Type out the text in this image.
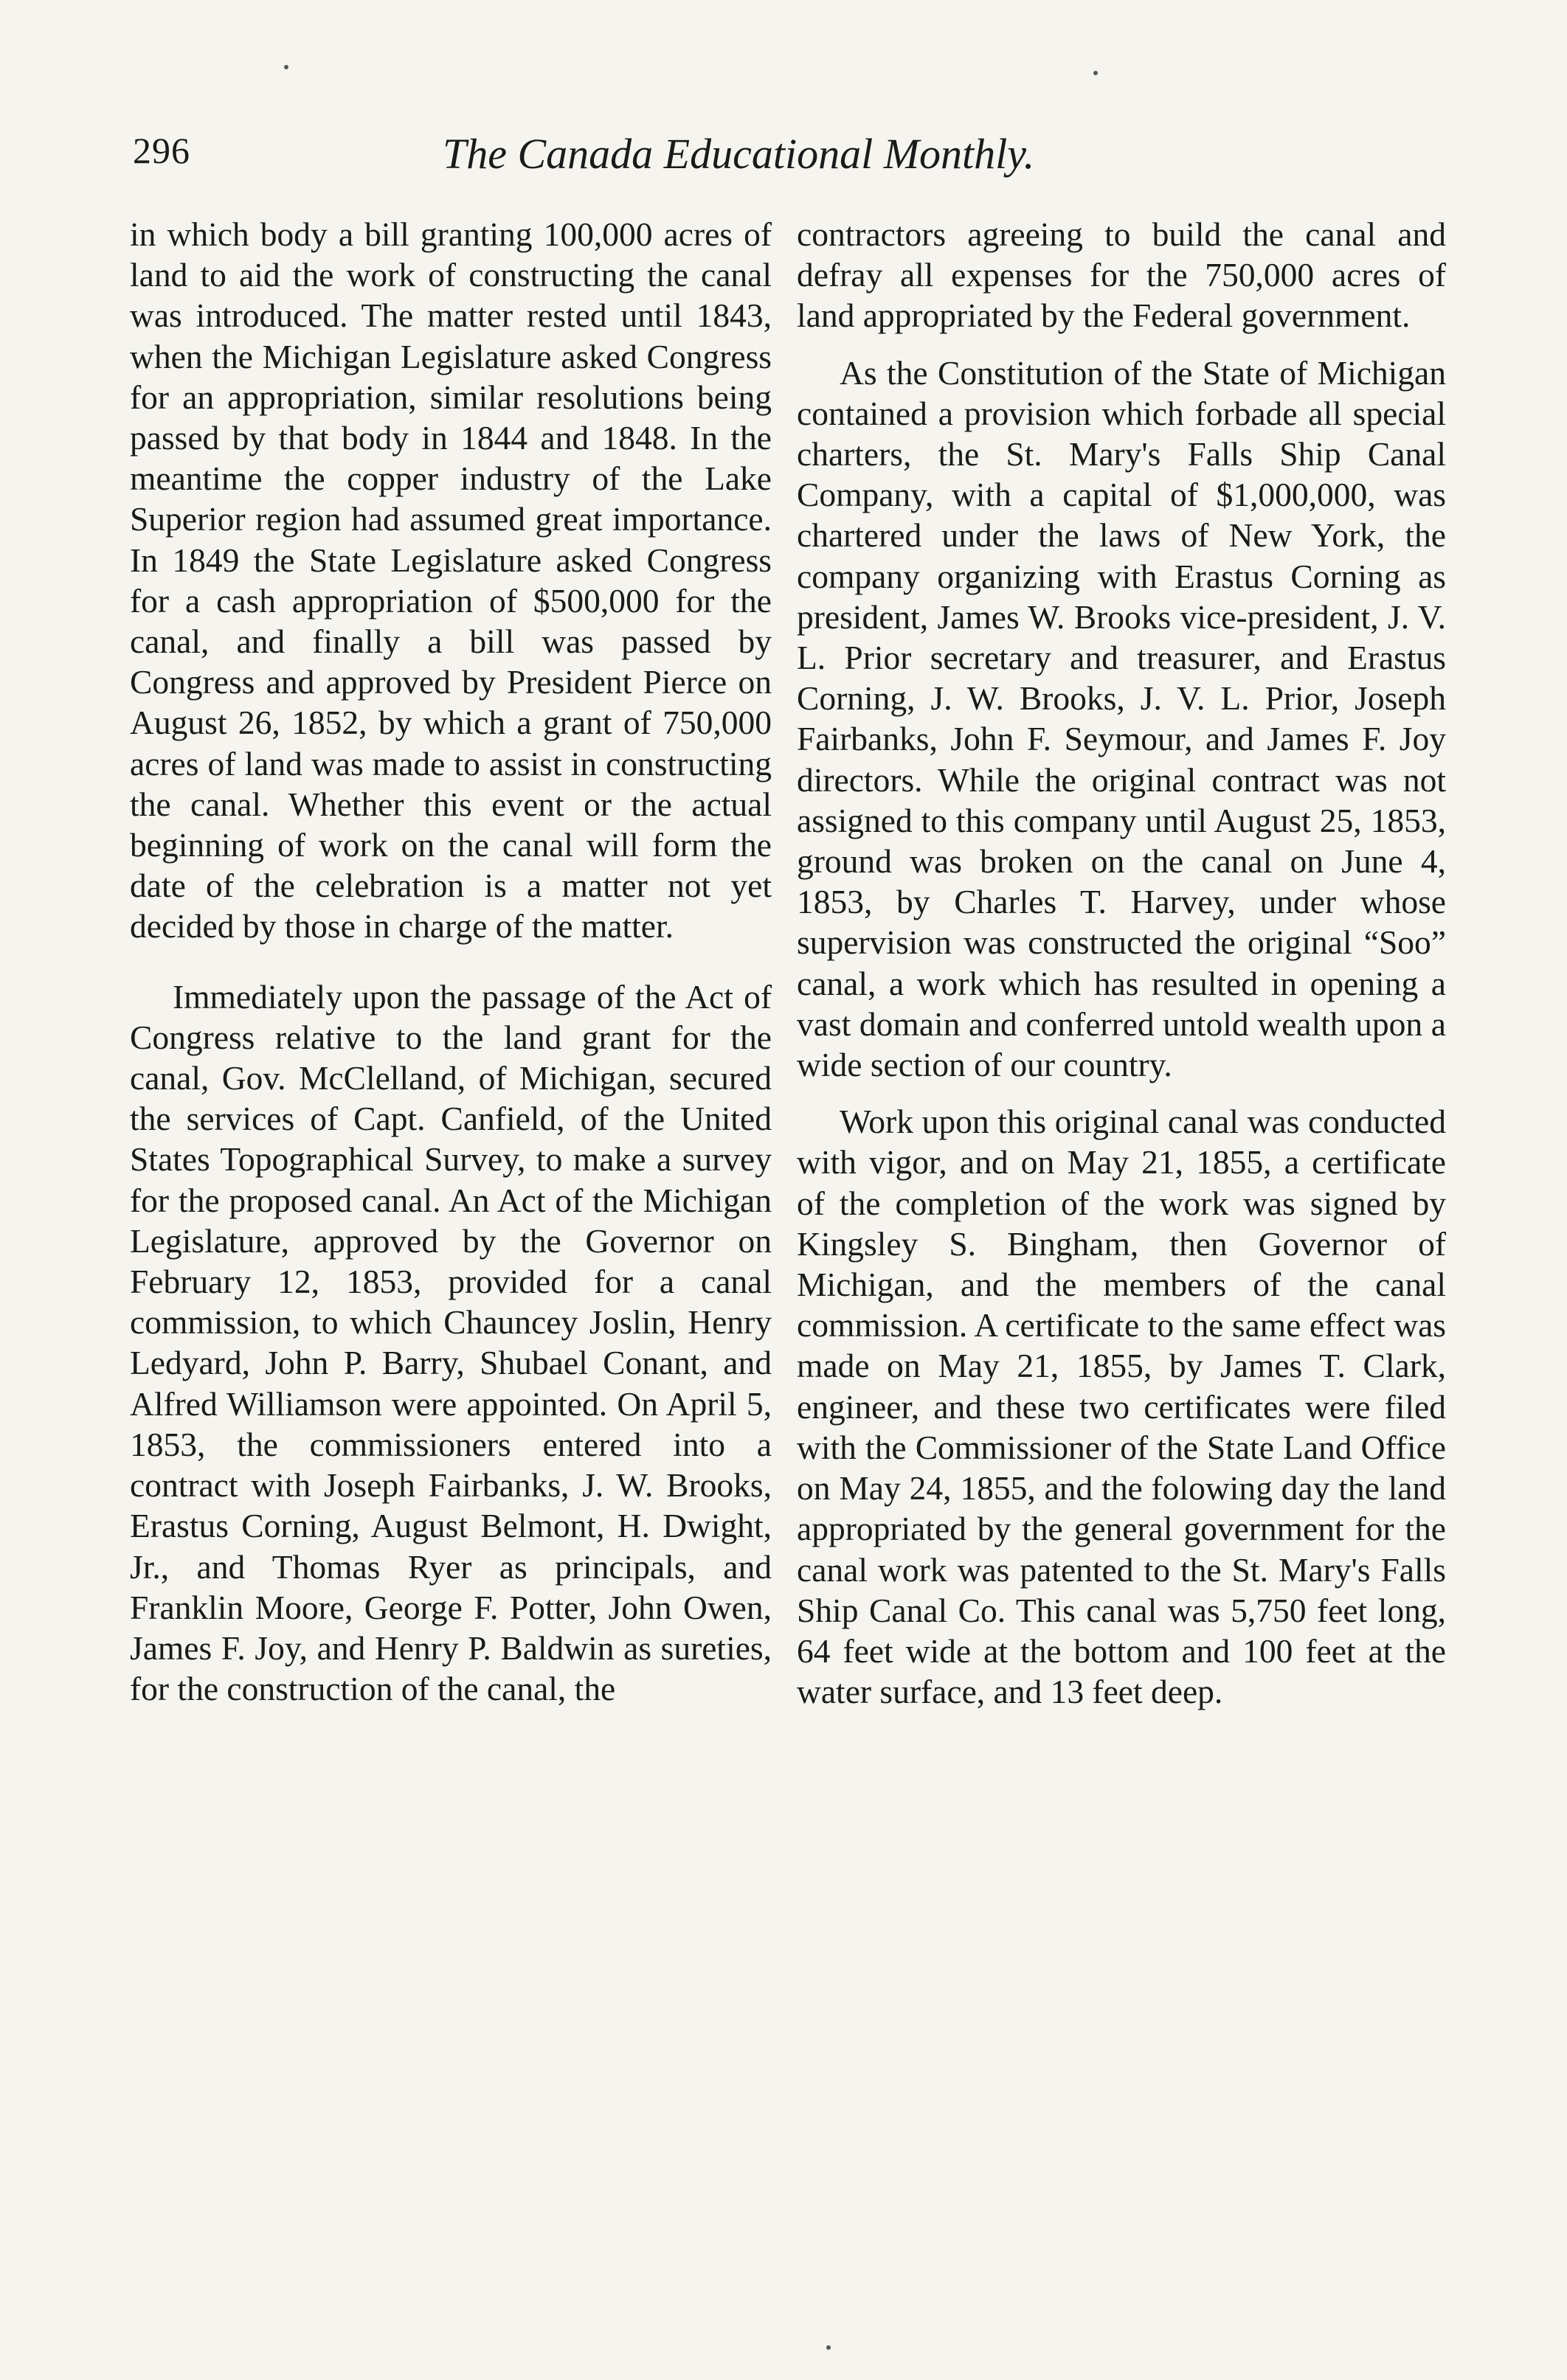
296	The Canada Educational Monthly.

in which body a bill granting 100,000 acres of land to aid the work of constructing the canal was introduced. The matter rested until 1843, when the Michigan Legislature asked Congress for an appropriation, similar resolutions being passed by that body in 1844 and 1848. In the meantime the copper industry of the Lake Superior region had assumed great importance. In 1849 the State Legislature asked Congress for a cash appropriation of $500,000 for the canal, and finally a bill was passed by Congress and approved by President Pierce on August 26, 1852, by which a grant of 750,000 acres of land was made to assist in constructing the canal. Whether this event or the actual beginning of work on the canal will form the date of the celebration is a matter not yet decided by those in charge of the matter.

Immediately upon the passage of the Act of Congress relative to the land grant for the canal, Gov. McClelland, of Michigan, secured the services of Capt. Canfield, of the United States Topographical Survey, to make a survey for the proposed canal. An Act of the Michigan Legislature, approved by the Governor on February 12, 1853, provided for a canal commission, to which Chauncey Joslin, Henry Ledyard, John P. Barry, Shubael Conant, and Alfred Williamson were appointed. On April 5, 1853, the commissioners entered into a contract with Joseph Fairbanks, J. W. Brooks, Erastus Corning, August Belmont, H. Dwight, Jr., and Thomas Ryer as principals, and Franklin Moore, George F. Potter, John Owen, James F. Joy, and Henry P. Baldwin as sureties, for the construction of the canal, the

contractors agreeing to build the canal and defray all expenses for the 750,000 acres of land appropriated by the Federal government.

As the Constitution of the State of Michigan contained a provision which forbade all special charters, the St. Mary's Falls Ship Canal Company, with a capital of $1,000,000, was chartered under the laws of New York, the company organizing with Erastus Corning as president, James W. Brooks vice-president, J. V. L. Prior secretary and treasurer, and Erastus Corning, J. W. Brooks, J. V. L. Prior, Joseph Fairbanks, John F. Seymour, and James F. Joy directors. While the original contract was not assigned to this company until August 25, 1853, ground was broken on the canal on June 4, 1853, by Charles T. Harvey, under whose supervision was constructed the original “Soo” canal, a work which has resulted in opening a vast domain and conferred untold wealth upon a wide section of our country.

Work upon this original canal was conducted with vigor, and on May 21, 1855, a certificate of the completion of the work was signed by Kingsley S. Bingham, then Governor of Michigan, and the members of the canal commission. A certificate to the same effect was made on May 21, 1855, by James T. Clark, engineer, and these two certificates were filed with the Commissioner of the State Land Office on May 24, 1855, and the folowing day the land appropriated by the general government for the canal work was patented to the St. Mary's Falls Ship Canal Co. This canal was 5,750 feet long, 64 feet wide at the bottom and 100 feet at the water surface, and 13 feet deep.
